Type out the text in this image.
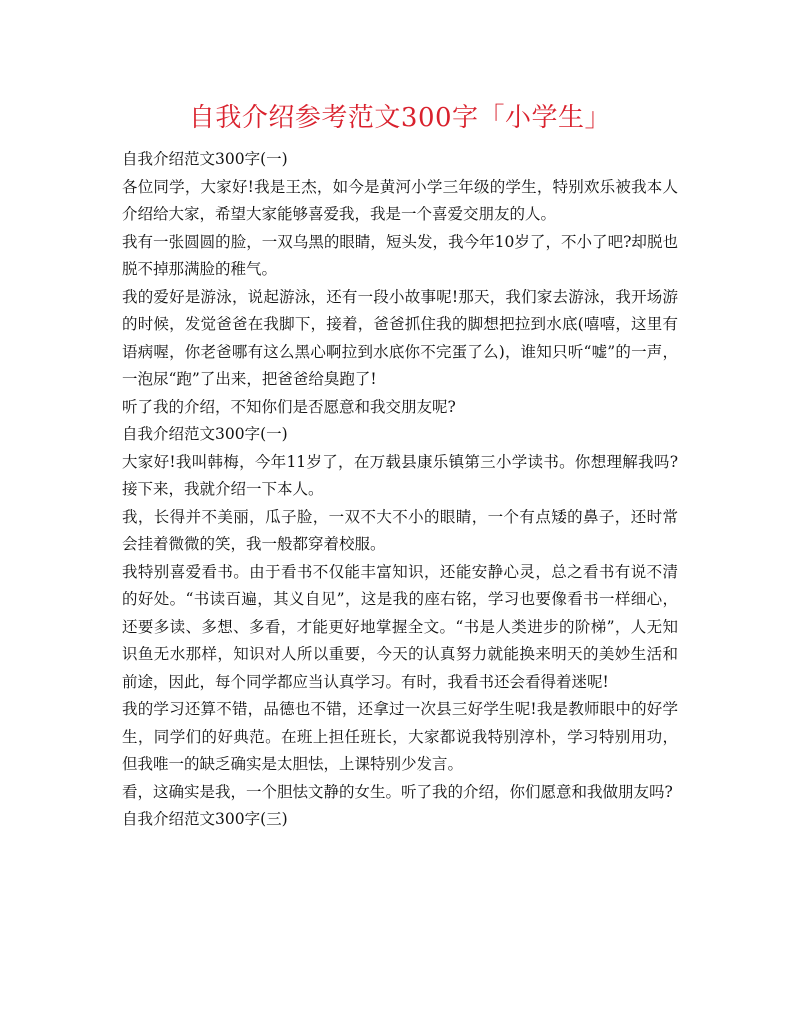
自我介绍参考范文300字「小学生」

自我介绍范文300字(一)

各位同学，大家好!我是王杰，如今是黄河小学三年级的学生，特别欢乐被我本人介绍给大家，希望大家能够喜爱我，我是一个喜爱交朋友的人。

我有一张圆圆的脸，一双乌黑的眼睛，短头发，我今年10岁了，不小了吧?却脱也脱不掉那满脸的稚气。

我的爱好是游泳，说起游泳，还有一段小故事呢!那天，我们家去游泳，我开场游的时候，发觉爸爸在我脚下，接着，爸爸抓住我的脚想把拉到水底(嘻嘻，这里有语病喔，你老爸哪有这么黑心啊拉到水底你不完蛋了么)，谁知只听“嘘”的一声，一泡尿“跑”了出来，把爸爸给臭跑了!

听了我的介绍，不知你们是否愿意和我交朋友呢?

自我介绍范文300字(一)

大家好!我叫韩梅，今年11岁了，在万载县康乐镇第三小学读书。你想理解我吗?接下来，我就介绍一下本人。

我，长得并不美丽，瓜子脸，一双不大不小的眼睛，一个有点矮的鼻子，还时常会挂着微微的笑，我一般都穿着校服。

我特别喜爱看书。由于看书不仅能丰富知识，还能安静心灵，总之看书有说不清的好处。“书读百遍，其义自见”，这是我的座右铭，学习也要像看书一样细心，还要多读、多想、多看，才能更好地掌握全文。“书是人类进步的阶梯”，人无知识鱼无水那样，知识对人所以重要，今天的认真努力就能换来明天的美妙生活和前途，因此，每个同学都应当认真学习。有时，我看书还会看得着迷呢!

我的学习还算不错，品德也不错，还拿过一次县三好学生呢!我是教师眼中的好学生，同学们的好典范。在班上担任班长，大家都说我特别淳朴，学习特别用功，但我唯一的缺乏确实是太胆怯，上课特别少发言。

看，这确实是我，一个胆怯文静的女生。听了我的介绍，你们愿意和我做朋友吗?

自我介绍范文300字(三)
